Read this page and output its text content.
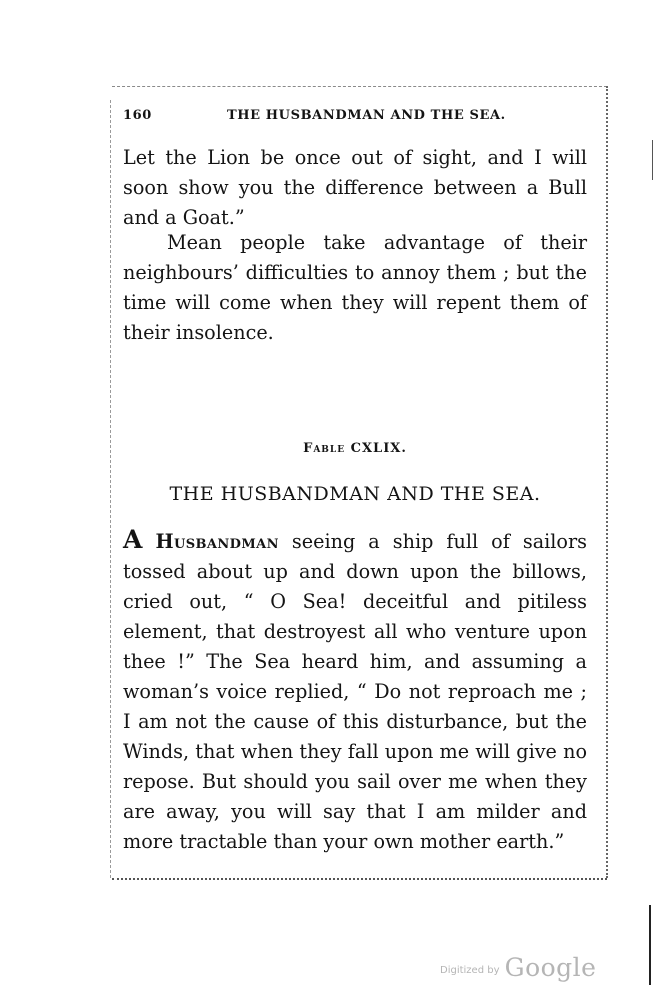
160	THE HUSBANDMAN AND THE SEA.
Let the Lion be once out of sight, and I will soon show you the difference between a Bull and a Goat.”
Mean people take advantage of their neighbours’ difficulties to annoy them ; but the time will come when they will repent them of their insolence.
Fable CXLIX.
THE HUSBANDMAN AND THE SEA.
A Husbandman seeing a ship full of sailors tossed about up and down upon the billows, cried out, “ O Sea! deceitful and pitiless element, that destroyest all who venture upon thee !” The Sea heard him, and assuming a woman’s voice replied, “ Do not reproach me ; I am not the cause of this disturbance, but the Winds, that when they fall upon me will give no repose. But should you sail over me when they are away, you will say that I am milder and more tractable than your own mother earth.”
Digitized by Google
